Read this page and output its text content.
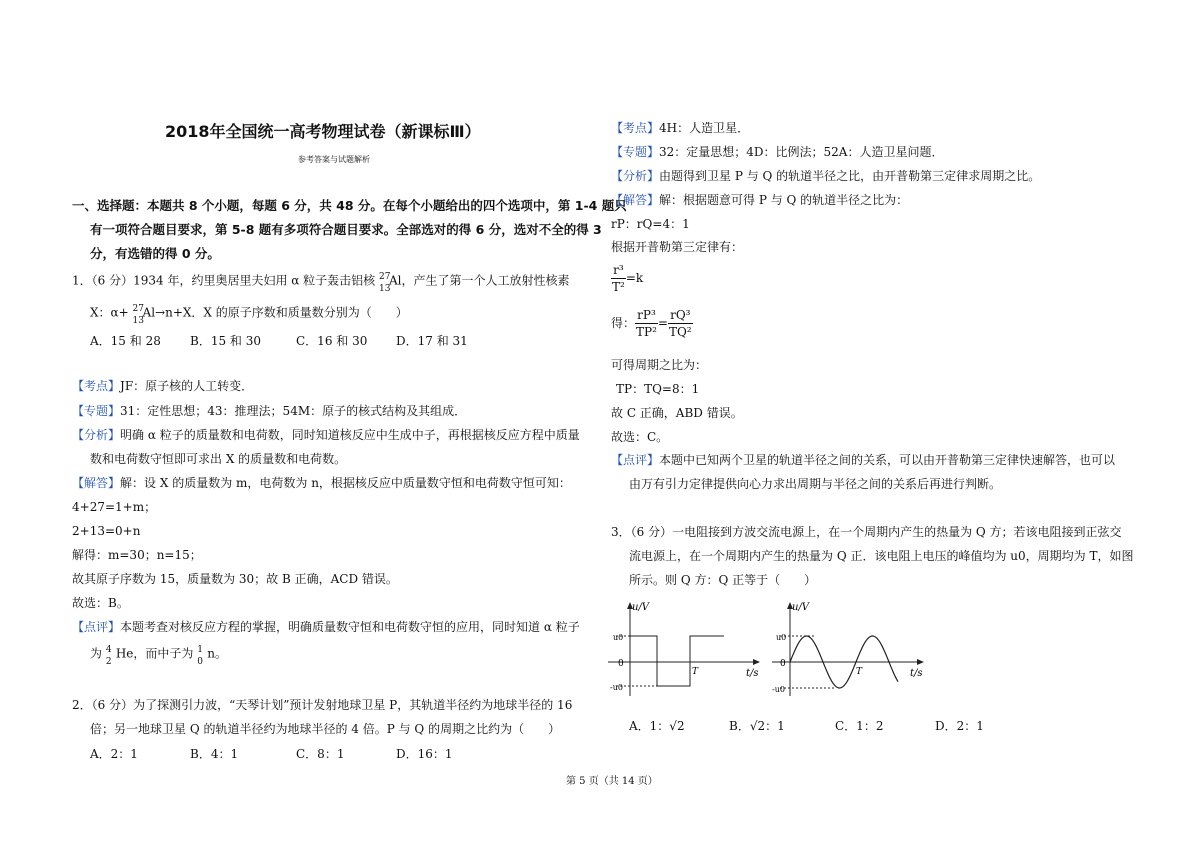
2018年全国统一高考物理试卷（新课标Ⅲ）
参考答案与试题解析
一、选择题：本题共 8 个小题，每题 6 分，共 48 分。在每个小题给出的四个选项中，第 1-4 题只
有一项符合题目要求，第 5-8 题有多项符合题目要求。全部选对的得 6 分，选对不全的得 3
分，有选错的得 0 分。
1．（6 分）1934 年，约里奥居里夫妇用 α 粒子轰击铝核 27
13
Al，产生了第一个人工放射性核素
X：α+ 27
13
Al→n+X．X 的原子序数和质量数分别为（　　）
A．15 和 28 B．15 和 30	C．16 和 30 D．17 和 31
【考点】JF：原子核的人工转变．
【专题】31：定性思想；43：推理法；54M：原子的核式结构及其组成．
【分析】明确 α 粒子的质量数和电荷数，同时知道核反应中生成中子，再根据核反应方程中质量
数和电荷数守恒即可求出 X 的质量数和电荷数。
【解答】解：设 X 的质量数为 m，电荷数为 n，根据核反应中质量数守恒和电荷数守恒可知：
4+27=1+m；
2+13=0+n
解得：m=30；n=15；
故其原子序数为 15，质量数为 30；故 B 正确，ACD 错误。
故选：B。
【点评】本题考查对核反应方程的掌握，明确质量数守恒和电荷数守恒的应用，同时知道 α 粒子
为 4
2
He，而中子为 1
0
n。
2．（6 分）为了探测引力波，“天琴计划”预计发射地球卫星 P，其轨道半径约为地球半径的 16
倍；另一地球卫星 Q 的轨道半径约为地球半径的 4 倍。P 与 Q 的周期之比约为（　　）
A．2：1	B．4：1	C．8：1	D．16：1
【考点】4H：人造卫星．
【专题】32：定量思想；4D：比例法；52A：人造卫星问题．
【分析】由题得到卫星 P 与 Q 的轨道半径之比，由开普勒第三定律求周期之比。
【解答】解：根据题意可得 P 与 Q 的轨道半径之比为：
rP：rQ=4：1
根据开普勒第三定律有：
$\frac{\text{r³}}{\text{T²}} =k$
得： $\frac{\text{rP³}}{\text{TP²}} = \frac{\text{rQ³}}{\text{TQ²}}$
可得周期之比为：
TP：TQ=8：1
故 C 正确，ABD 错误。
故选：C。
【点评】本题中已知两个卫星的轨道半径之间的关系，可以由开普勒第三定律快速解答，也可以
由万有引力定律提供向心力求出周期与半径之间的关系后再进行判断。
3．（6 分）一电阻接到方波交流电源上，在一个周期内产生的热量为 Q 方；若该电阻接到正弦交
流电源上，在一个周期内产生的热量为 Q 正．该电阻上电压的峰值均为 u0，周期均为 T，如图
所示。则 Q 方：Q 正等于（　　）
u/V
t/s
u0
-u0
0
T
u/V
t/s
u0
-u0
0
T
A．1：√2	B．√2：1	C．1：2	D．2：1
第 5 页（共 14 页）
